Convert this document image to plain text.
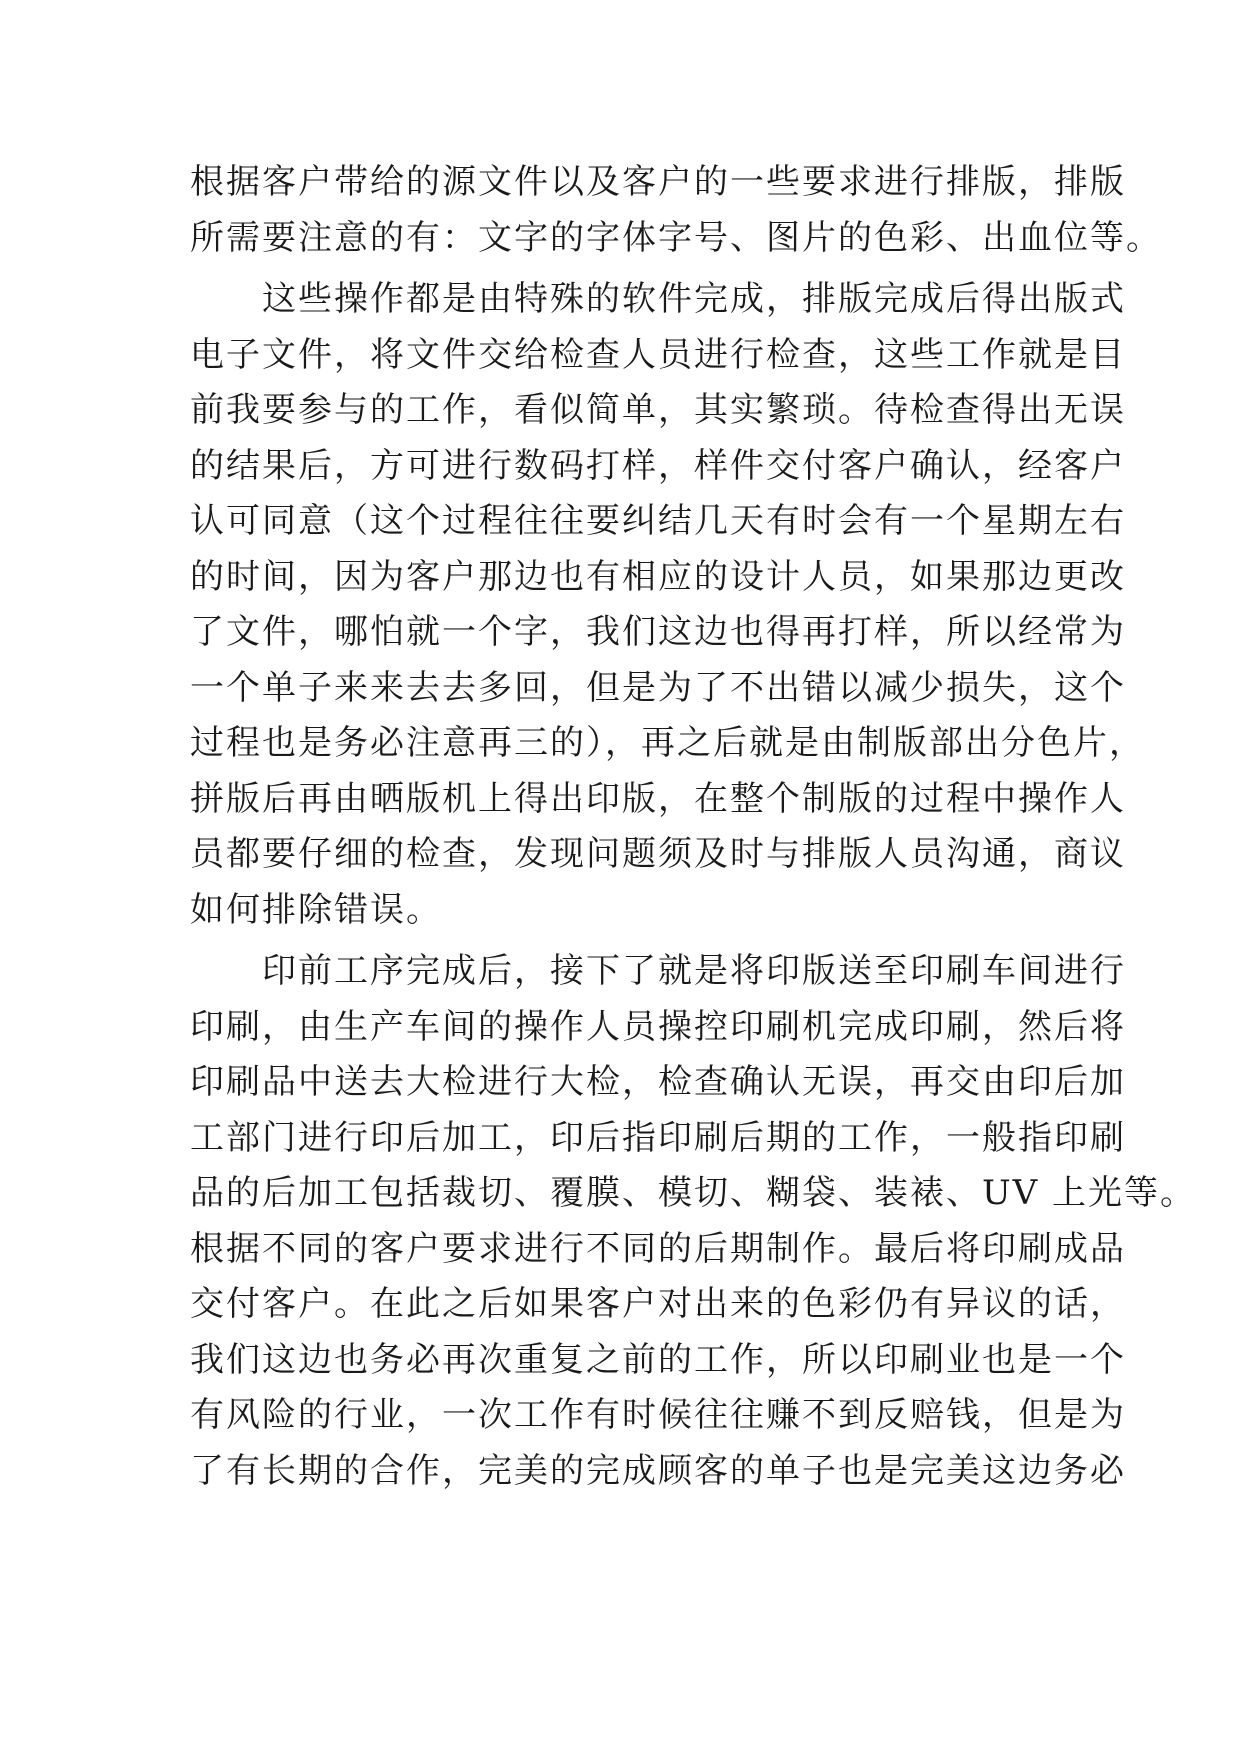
根据客户带给的源文件以及客户的一些要求进行排版，排版
所需要注意的有：文字的字体字号、图片的色彩、出血位等。
这些操作都是由特殊的软件完成，排版完成后得出版式
电子文件，将文件交给检查人员进行检查，这些工作就是目
前我要参与的工作，看似简单，其实繁琐。待检查得出无误
的结果后，方可进行数码打样，样件交付客户确认，经客户
认可同意（这个过程往往要纠结几天有时会有一个星期左右
的时间，因为客户那边也有相应的设计人员，如果那边更改
了文件，哪怕就一个字，我们这边也得再打样，所以经常为
一个单子来来去去多回，但是为了不出错以减少损失，这个
过程也是务必注意再三的），再之后就是由制版部出分色片，
拼版后再由晒版机上得出印版，在整个制版的过程中操作人
员都要仔细的检查，发现问题须及时与排版人员沟通，商议
如何排除错误。
印前工序完成后，接下了就是将印版送至印刷车间进行
印刷，由生产车间的操作人员操控印刷机完成印刷，然后将
印刷品中送去大检进行大检，检查确认无误，再交由印后加
工部门进行印后加工，印后指印刷后期的工作，一般指印刷
品的后加工包括裁切、覆膜、模切、糊袋、装裱、UV 上光等。
根据不同的客户要求进行不同的后期制作。最后将印刷成品
交付客户。在此之后如果客户对出来的色彩仍有异议的话，
我们这边也务必再次重复之前的工作，所以印刷业也是一个
有风险的行业，一次工作有时候往往赚不到反赔钱，但是为
了有长期的合作，完美的完成顾客的单子也是完美这边务必
